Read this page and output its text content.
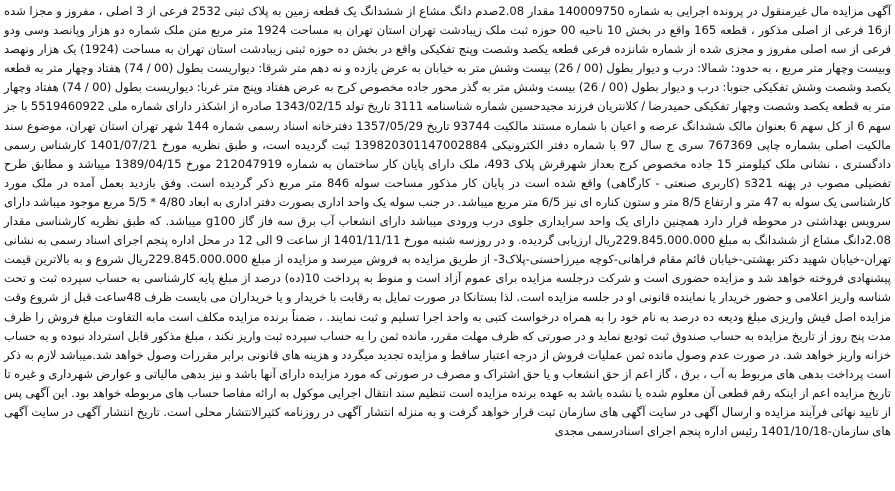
آگهی مزایده مال غیرمنقول در پرونده اجرایی به شماره 140009750 مقدار 2.08صدم دانگ مشاع از ششدانگ یک قطعه زمین به پلاک ثبتی 2532 فرعی از 3 اصلی ، مفروز و مجزا شده از16 فرعی از اصلی مذکور ، قطعه 165 واقع در بخش 10 ناحیه 00 حوزه ثبت ملک زیبادشت تهران استان تهران به مساحت 1924 متر مربع متن ملک شماره دو هزار وپانصد وسی ودو فرعی از سه اصلی مفروز و مجزی شده از شماره شانزده فرعی قطعه یکصد وشصت وپنج تفکیکی واقع در بخش ده حوزه ثبتی زیبادشت استان تهران به مساحت (1924) یک هزار ونهصد وبیست وچهار متر مربع ، به حدود: شمالا: درب و دیوار بطول (00 / 26) بیست وشش متر به خیابان به عرض یازده و نه دهم متر شرقا: دیواریست بطول (00 / 74) هفتاد وچهار متر به قطعه یکصد وشصت وشش تفکیکی جنوبا: درب و دیوار بطول (00 / 26) بیست وشش متر به گذر محور جاده مخصوص کرج به عرض هفتاد وپنج متر غربا: دیواریست بطول (00 / 74) هفتاد وچهار متر به قطعه یکصد وشصت وچهار تفکیکی حمیدرضا / کلانتریان فرزند مجیدحسین شماره شناسنامه 3111 تاریخ تولد 1343/02/15 صادره از اشکذر دارای شماره ملی 5519460922 با جز سهم 6 از کل سهم 6 بعنوان مالک ششدانگ عرصه و اعیان با شماره مستند مالکیت 93744 تاریخ 1357/05/29 دفترخانه اسناد رسمی شماره 144 شهر تهران استان تهران، موضوع سند مالکیت اصلی بشماره چاپی 767369 سری ج سال 97 با شماره دفتر الکترونیکی 139820301147002884 ثبت گردیده است، و طبق نظریه مورخ 1401/07/21 کارشناس رسمی دادگستری ، نشانی ملک کیلومتر 15 جاده مخصوص کرج بعداز شهرقرش پلاک 493، ملک دارای پایان کار ساختمان به شماره 212047919 مورخ 1389/04/15 میباشد و مطابق طرح تفضیلی مصوب در پهنه s321 (کاربری صنعتی - کارگاهی) واقع شده است در پایان کار مذکور مساحت سوله 846 متر مربع ذکر گردیده است. وفق بازدید بعمل آمده در ملک مورد کارشناسی یک سوله به 47 متر و ارتفاع 8/5 متر و ستون کناره ای نیز 6/5 متر مربع میباشد. در جنب سوله یک واحد اداری بصورت دفتر اداری به ابعاد 4/80 * 5/5 مربع موجود میباشد دارای سرویس بهداشتی در محوطه قرار دارد همچنین دارای یک واحد سرایداری جلوی درب ورودی میباشد دارای انشعاب آب برق سه فاز گاز g100 میباشد. که طبق نظریه کارشناسی مقدار 2.08دانگ مشاع از ششدانگ به مبلغ 229.845.000.000ریال ارزیابی گردیده. و در روزسه شنبه مورخ 1401/11/11 از ساعت 9 الی 12 در محل اداره پنجم اجرای اسناد رسمی به نشانی تهران-خیابان شهید دکتر بهشتی-خیابان قائم مقام فراهانی-کوچه میرزاحسنی-پلاک3- از طریق مزایده به فروش میرسد و مزایده از مبلغ 229.845.000.000ریال شروع و به بالاترین قیمت پیشنهادی فروخته خواهد شد و مزایده حضوری است و شرکت درجلسه مزایده برای عموم آزاد است و منوط به پرداخت 10(ده) درصد از مبلغ پایه کارشناسی به حساب سپرده ثبت و تحت شناسه واریز اعلامی و حضور خریدار یا نماینده قانونی او در جلسه مزایده است. لذا بستانکا در صورت تمایل به رقابت با خریدار و یا خریداران می بایست ظرف 48ساعت قبل از شروع وقت مزایده اصل فیش واریزی مبلغ ودیعه ده درصد به نام خود را به همراه درخواست کتبی به واحد اجرا تسلیم و ثبت نمایند. ، ضمناً برنده مزایده مکلف است مابه التفاوت مبلغ فروش را ظرف مدت پنج روز از تاریخ مزایده به حساب صندوق ثبت تودیع نماید و در صورتی که ظرف مهلت مقرر، مانده ثمن را به حساب سپرده ثبت واریز نکند ، مبلغ مذکور قابل استرداد نبوده و به حساب خزانه واریز خواهد شد. در صورت عدم وصول مانده ثمن عملیات فروش از درجه اعتبار ساقط و مزایده تجدید میگردد و هزینه های قانونی برابر مقررات وصول خواهد شد.میباشد لازم به ذکر است پرداخت بدهی های مربوط به آب ، برق ، گاز اعم از حق انشعاب و یا حق اشتراک و مصرف در صورتی که مورد مزایده دارای آنها باشد و نیز بدهی مالیاتی و عوارض شهرداری و غیره تا تاریخ مزایده اعم از اینکه رقم قطعی آن معلوم شده یا نشده باشد به عهده برنده مزایده است تنظیم سند انتقال اجرایی موکول به ارائه مفاصا حساب های مربوطه خواهد بود. این آگهی پس از تایید نهائی فرآیند مزایده و ارسال آگهی در سایت آگهی های سازمان ثبت قرار خواهد گرفت و به منزله انتشار آگهی در روزنامه کثیرالانتشار محلی است. تاریخ انتشار آگهی در سایت آگهی های سازمان-1401/10/18 رئیس اداره پنجم اجرای اسنادرسمی مجدی
